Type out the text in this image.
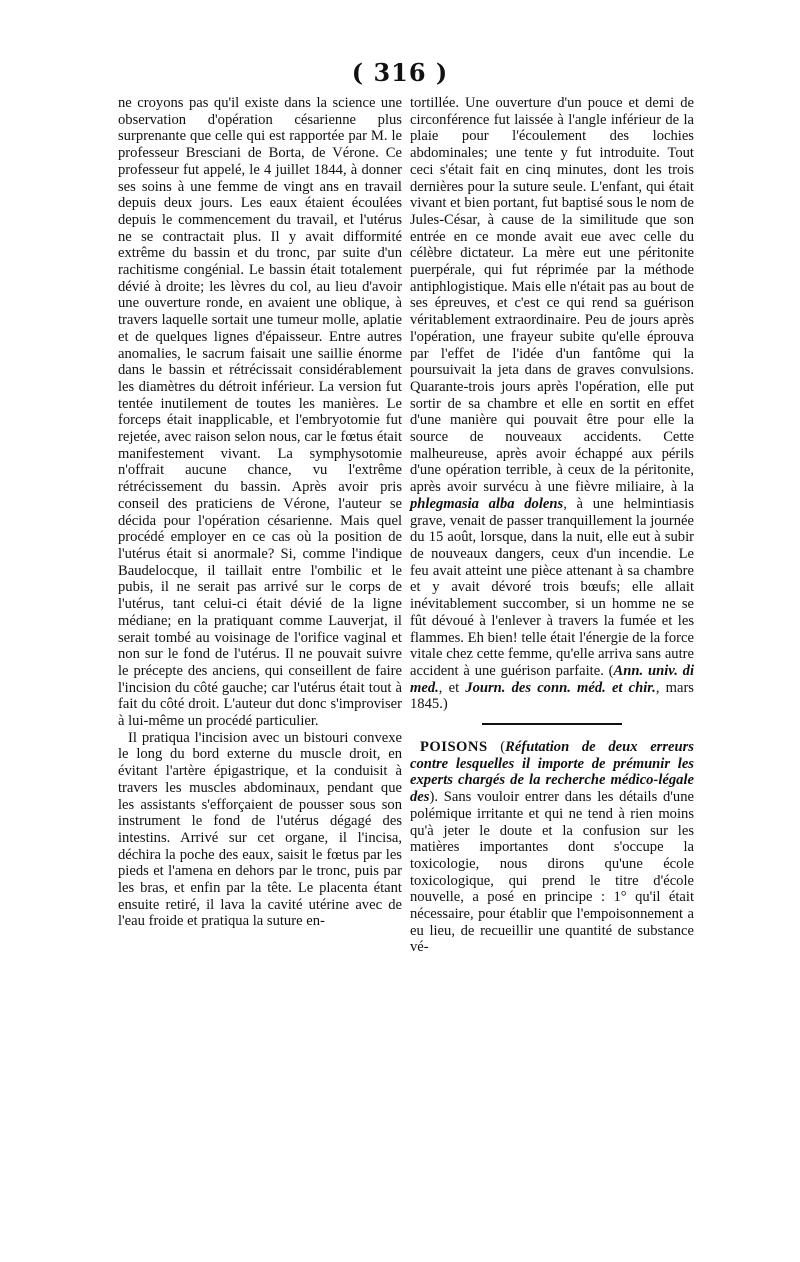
( 316 )

ne croyons pas qu'il existe dans la science une observation d'opération césarienne plus surprenante que celle qui est rapportée par M. le professeur Bresciani de Borta, de Vérone. Ce professeur fut appelé, le 4 juillet 1844, à donner ses soins à une femme de vingt ans en travail depuis deux jours. Les eaux étaient écoulées depuis le commencement du travail, et l'utérus ne se contractait plus. Il y avait difformité extrême du bassin et du tronc, par suite d'un rachitisme congénial. Le bassin était totalement dévié à droite; les lèvres du col, au lieu d'avoir une ouverture ronde, en avaient une oblique, à travers laquelle sortait une tumeur molle, aplatie et de quelques lignes d'épaisseur. Entre autres anomalies, le sacrum faisait une saillie énorme dans le bassin et rétrécissait considérablement les diamètres du détroit inférieur. La version fut tentée inutilement de toutes les manières. Le forceps était inapplicable, et l'embryotomie fut rejetée, avec raison selon nous, car le fœtus était manifestement vivant. La symphysotomie n'offrait aucune chance, vu l'extrême rétrécissement du bassin. Après avoir pris conseil des praticiens de Vérone, l'auteur se décida pour l'opération césarienne. Mais quel procédé employer en ce cas où la position de l'utérus était si anormale? Si, comme l'indique Baudelocque, il taillait entre l'ombilic et le pubis, il ne serait pas arrivé sur le corps de l'utérus, tant celui-ci était dévié de la ligne médiane; en la pratiquant comme Lauverjat, il serait tombé au voisinage de l'orifice vaginal et non sur le fond de l'utérus. Il ne pouvait suivre le précepte des anciens, qui conseillent de faire l'incision du côté gauche; car l'utérus était tout à fait du côté droit. L'auteur dut donc s'improviser à lui-même un procédé particulier.

Il pratiqua l'incision avec un bistouri convexe le long du bord externe du muscle droit, en évitant l'artère épigastrique, et la conduisit à travers les muscles abdominaux, pendant que les assistants s'efforçaient de pousser sous son instrument le fond de l'utérus dégagé des intestins. Arrivé sur cet organe, il l'incisa, déchira la poche des eaux, saisit le fœtus par les pieds et l'amena en dehors par le tronc, puis par les bras, et enfin par la tête. Le placenta étant ensuite retiré, il lava la cavité utérine avec de l'eau froide et pratiqua la suture en-

tortillée. Une ouverture d'un pouce et demi de circonférence fut laissée à l'angle inférieur de la plaie pour l'écoulement des lochies abdominales; une tente y fut introduite. Tout ceci s'était fait en cinq minutes, dont les trois dernières pour la suture seule. L'enfant, qui était vivant et bien portant, fut baptisé sous le nom de Jules-César, à cause de la similitude que son entrée en ce monde avait eue avec celle du célèbre dictateur. La mère eut une péritonite puerpérale, qui fut réprimée par la méthode antiphlogistique. Mais elle n'était pas au bout de ses épreuves, et c'est ce qui rend sa guérison véritablement extraordinaire. Peu de jours après l'opération, une frayeur subite qu'elle éprouva par l'effet de l'idée d'un fantôme qui la poursuivait la jeta dans de graves convulsions. Quarante-trois jours après l'opération, elle put sortir de sa chambre et elle en sortit en effet d'une manière qui pouvait être pour elle la source de nouveaux accidents. Cette malheureuse, après avoir échappé aux périls d'une opération terrible, à ceux de la péritonite, après avoir survécu à une fièvre miliaire, à la phlegmasia alba dolens, à une helmintiasis grave, venait de passer tranquillement la journée du 15 août, lorsque, dans la nuit, elle eut à subir de nouveaux dangers, ceux d'un incendie. Le feu avait atteint une pièce attenant à sa chambre et y avait dévoré trois bœufs; elle allait inévitablement succomber, si un homme ne se fût dévoué à l'enlever à travers la fumée et les flammes. Eh bien! telle était l'énergie de la force vitale chez cette femme, qu'elle arriva sans autre accident à une guérison parfaite. (Ann. univ. di med., et Journ. des conn. méd. et chir., mars 1845.)

POISONS (Réfutation de deux erreurs contre lesquelles il importe de prémunir les experts chargés de la recherche médico-légale des). Sans vouloir entrer dans les détails d'une polémique irritante et qui ne tend à rien moins qu'à jeter le doute et la confusion sur les matières importantes dont s'occupe la toxicologie, nous dirons qu'une école toxicologique, qui prend le titre d'école nouvelle, a posé en principe : 1° qu'il était nécessaire, pour établir que l'empoisonnement a eu lieu, de recueillir une quantité de substance vé-
